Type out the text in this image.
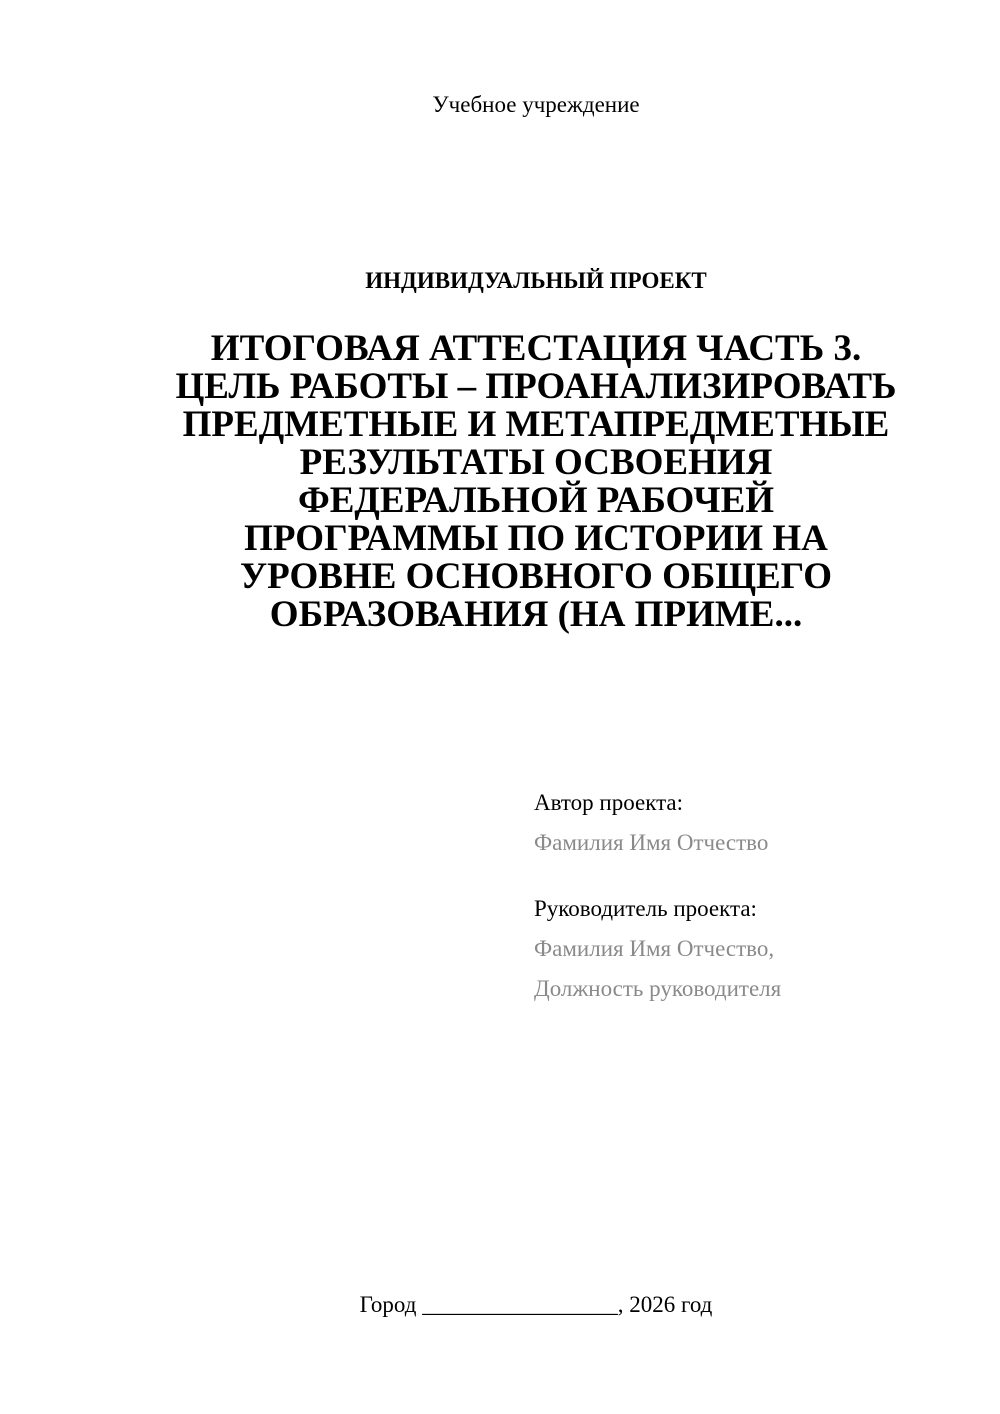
Учебное учреждение
ИНДИВИДУАЛЬНЫЙ ПРОЕКТ
ИТОГОВАЯ АТТЕСТАЦИЯ ЧАСТЬ 3.
ЦЕЛЬ РАБОТЫ – ПРОАНАЛИЗИРОВАТЬ
ПРЕДМЕТНЫЕ И МЕТАПРЕДМЕТНЫЕ
РЕЗУЛЬТАТЫ ОСВОЕНИЯ
ФЕДЕРАЛЬНОЙ РАБОЧЕЙ
ПРОГРАММЫ ПО ИСТОРИИ НА
УРОВНЕ ОСНОВНОГО ОБЩЕГО
ОБРАЗОВАНИЯ (НА ПРИМЕ...
Автор проекта:
Фамилия Имя Отчество
Руководитель проекта:
Фамилия Имя Отчество,
Должность руководителя
Город _________________, 2026 год
